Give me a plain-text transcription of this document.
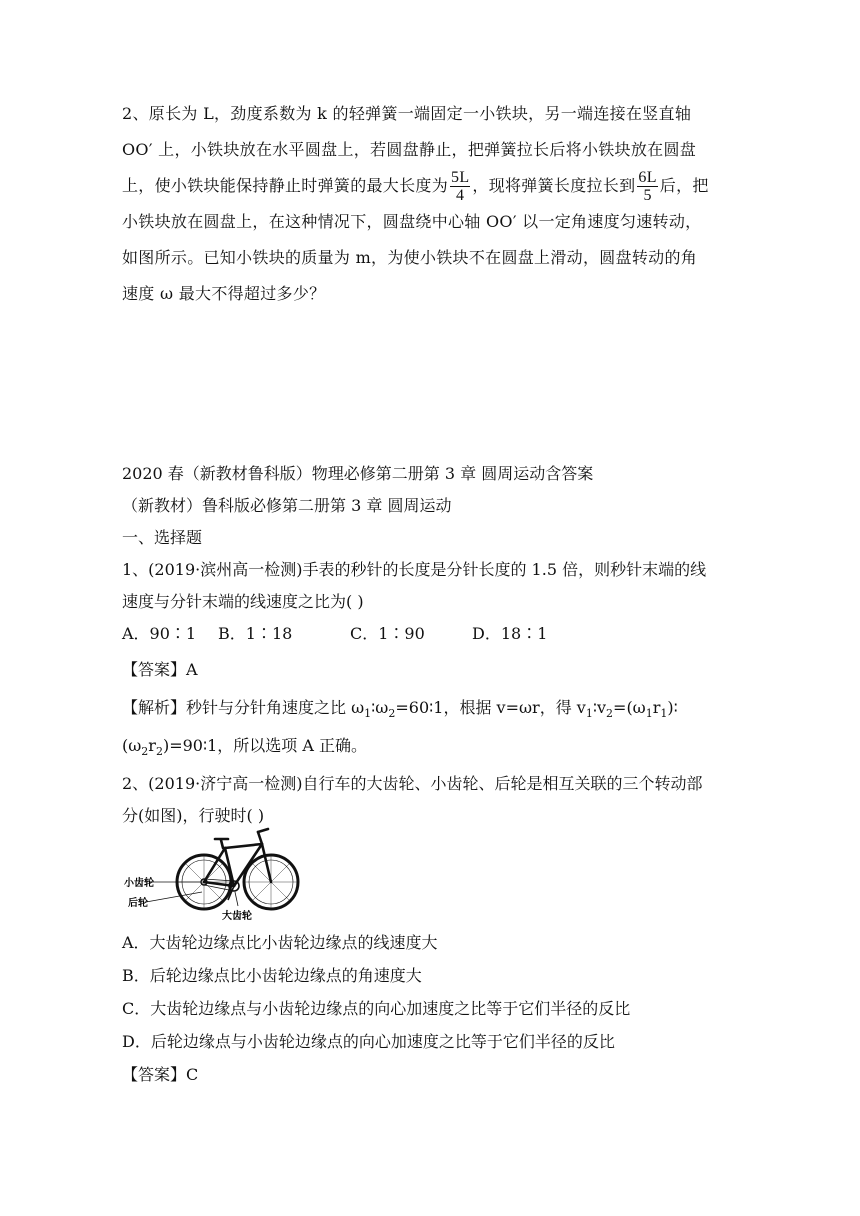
2、原长为 L，劲度系数为 k 的轻弹簧一端固定一小铁块，另一端连接在竖直轴
OO′ 上，小铁块放在水平圆盘上，若圆盘静止，把弹簧拉长后将小铁块放在圆盘
上，使小铁块能保持静止时弹簧的最大长度为 $\frac{5L}{4}$ ，现将弹簧长度拉长到 $\frac{6L}{5}$ 后，把
小铁块放在圆盘上，在这种情况下，圆盘绕中心轴 OO′ 以一定角速度匀速转动，
如图所示。已知小铁块的质量为 m，为使小铁块不在圆盘上滑动，圆盘转动的角
速度 ω 最大不得超过多少？
2020 春（新教材鲁科版）物理必修第二册第 3 章 圆周运动含答案
（新教材）鲁科版必修第二册第 3 章 圆周运动
一、选择题
1、(2019·滨州高一检测)手表的秒针的长度是分针长度的 1.5 倍，则秒针末端的线
速度与分针末端的线速度之比为( )
A．90∶1 B．1∶18	C．1∶90	D．18∶1
【答案】A
【解析】秒针与分针角速度之比 $\omega_1∶\omega_2=60∶1$，根据 v=ωr，得 $v_1∶v_2=(\omega_1r_1)∶$
$(\omega_2r_2)=90∶1$，所以选项 A 正确。
2、(2019·济宁高一检测)自行车的大齿轮、小齿轮、后轮是相互关联的三个转动部
分(如图)，行驶时( )
小齿轮
后轮
大齿轮
A．大齿轮边缘点比小齿轮边缘点的线速度大
B．后轮边缘点比小齿轮边缘点的角速度大
C．大齿轮边缘点与小齿轮边缘点的向心加速度之比等于它们半径的反比
D．后轮边缘点与小齿轮边缘点的向心加速度之比等于它们半径的反比
【答案】C
